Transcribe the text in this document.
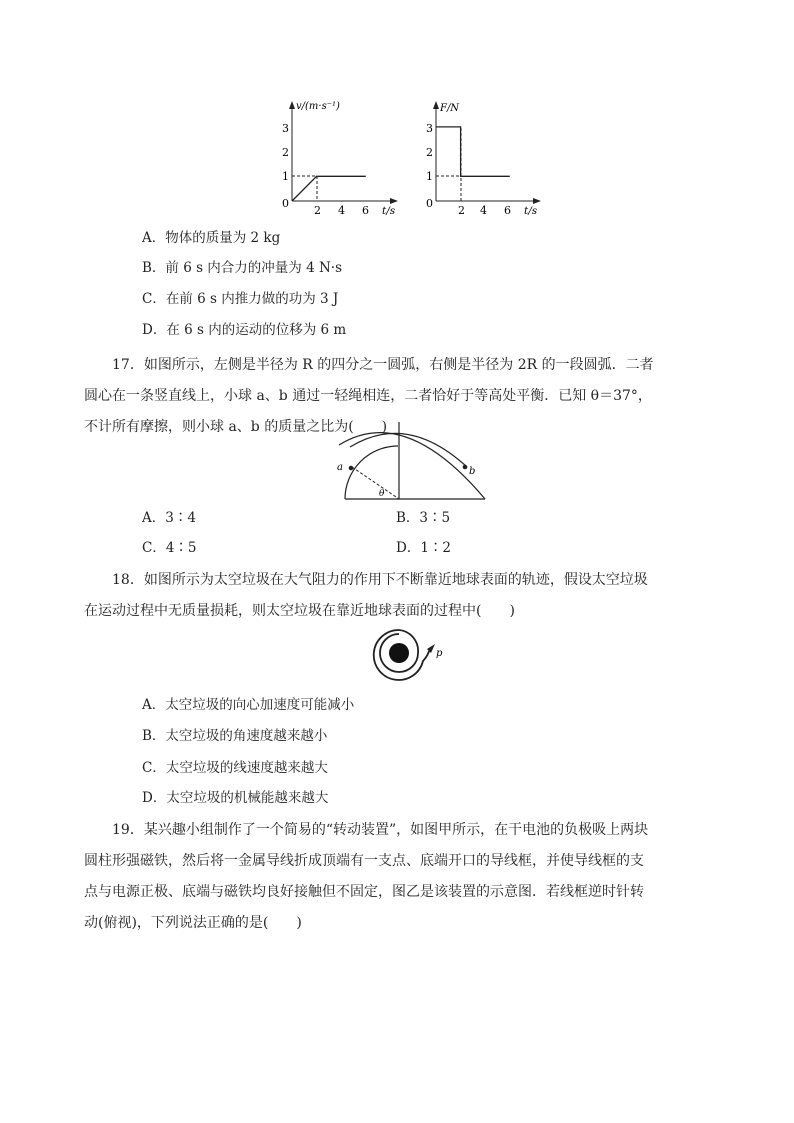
v/(m·s⁻¹)
0
1
2
3
2 4 6 t/s
F/N
0
1
2
3
2 4 6 t/s
A．物体的质量为 2 kg
B．前 6 s 内合力的冲量为 4 N·s
C．在前 6 s 内推力做的功为 3 J
D．在 6 s 内的运动的位移为 6 m
17．如图所示，左侧是半径为 R 的四分之一圆弧，右侧是半径为 2R 的一段圆弧．二者圆心在一条竖直线上，小球 a、b 通过一轻绳相连，二者恰好于等高处平衡．已知 θ＝37°，不计所有摩擦，则小球 a、b 的质量之比为(　　)
a	b
θ
A．3∶4	B．3∶5
C．4∶5	D．1∶2
18．如图所示为太空垃圾在大气阻力的作用下不断靠近地球表面的轨迹，假设太空垃圾在运动过程中无质量损耗，则太空垃圾在靠近地球表面的过程中(　　)
p
A．太空垃圾的向心加速度可能减小
B．太空垃圾的角速度越来越小
C．太空垃圾的线速度越来越大
D．太空垃圾的机械能越来越大
19．某兴趣小组制作了一个简易的“转动装置”，如图甲所示，在干电池的负极吸上两块圆柱形强磁铁，然后将一金属导线折成顶端有一支点、底端开口的导线框，并使导线框的支点与电源正极、底端与磁铁均良好接触但不固定，图乙是该装置的示意图．若线框逆时针转动(俯视)，下列说法正确的是(　　)
